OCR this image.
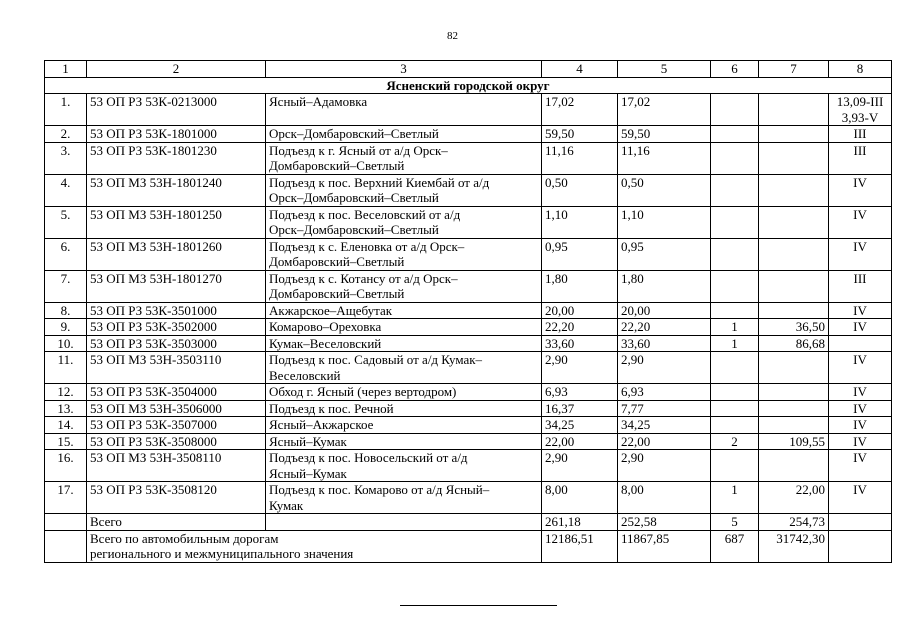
82
1	2	3	4	5	6	7	8
Ясненский городской округ							
1.	53 ОП РЗ 53К-0213000	Ясный–Адамовка	17,02	17,02			13,09-III
3,93-V

2.	53 ОП РЗ 53К-1801000	Орск–Домбаровский–Светлый	59,50	59,50			III

3.	53 ОП РЗ 53К-1801230	Подъезд к г. Ясный от а/д Орск–
Домбаровский–Светлый	11,16	11,16			III

4.	53 ОП МЗ 53Н-1801240	Подъезд к пос. Верхний Киембай от а/д
Орск–Домбаровский–Светлый	0,50	0,50			IV

5.	53 ОП МЗ 53Н-1801250	Подъезд к пос. Веселовский от а/д
Орск–Домбаровский–Светлый	1,10	1,10			IV

6.	53 ОП МЗ 53Н-1801260	Подъезд к с. Еленовка от а/д Орск–
Домбаровский–Светлый	0,95	0,95			IV

7.	53 ОП МЗ 53Н-1801270	Подъезд к с. Котансу от а/д Орск–
Домбаровский–Светлый	1,80	1,80			III

8.	53 ОП РЗ 53К-3501000	Акжарское–Ащебутак	20,00	20,00			IV

9.	53 ОП РЗ 53К-3502000	Комарово–Ореховка	22,20	22,20	1	36,50	IV

10.	53 ОП РЗ 53К-3503000	Кумак–Веселовский	33,60	33,60	1	86,68	

11.	53 ОП МЗ 53Н-3503110	Подъезд к пос. Садовый от а/д Кумак–
Веселовский	2,90	2,90			IV

12.	53 ОП РЗ 53К-3504000	Обход г. Ясный (через вертодром)	6,93	6,93			IV

13.	53 ОП МЗ 53Н-3506000	Подъезд к пос. Речной	16,37	7,77			IV

14.	53 ОП РЗ 53К-3507000	Ясный–Акжарское	34,25	34,25			IV

15.	53 ОП РЗ 53К-3508000	Ясный–Кумак	22,00	22,00	2	109,55	IV

16.	53 ОП МЗ 53Н-3508110	Подъезд к пос. Новосельский от а/д
Ясный–Кумак	2,90	2,90			IV

17.	53 ОП РЗ 53К-3508120	Подъезд к пос. Комарово от а/д Ясный–
Кумак	8,00	8,00	1	22,00	IV

	Всего		261,18	252,58	5	254,73	

	Всего по автомобильным дорогам
регионального и межмуниципального значения		12186,51	11867,85	687	31742,30	
